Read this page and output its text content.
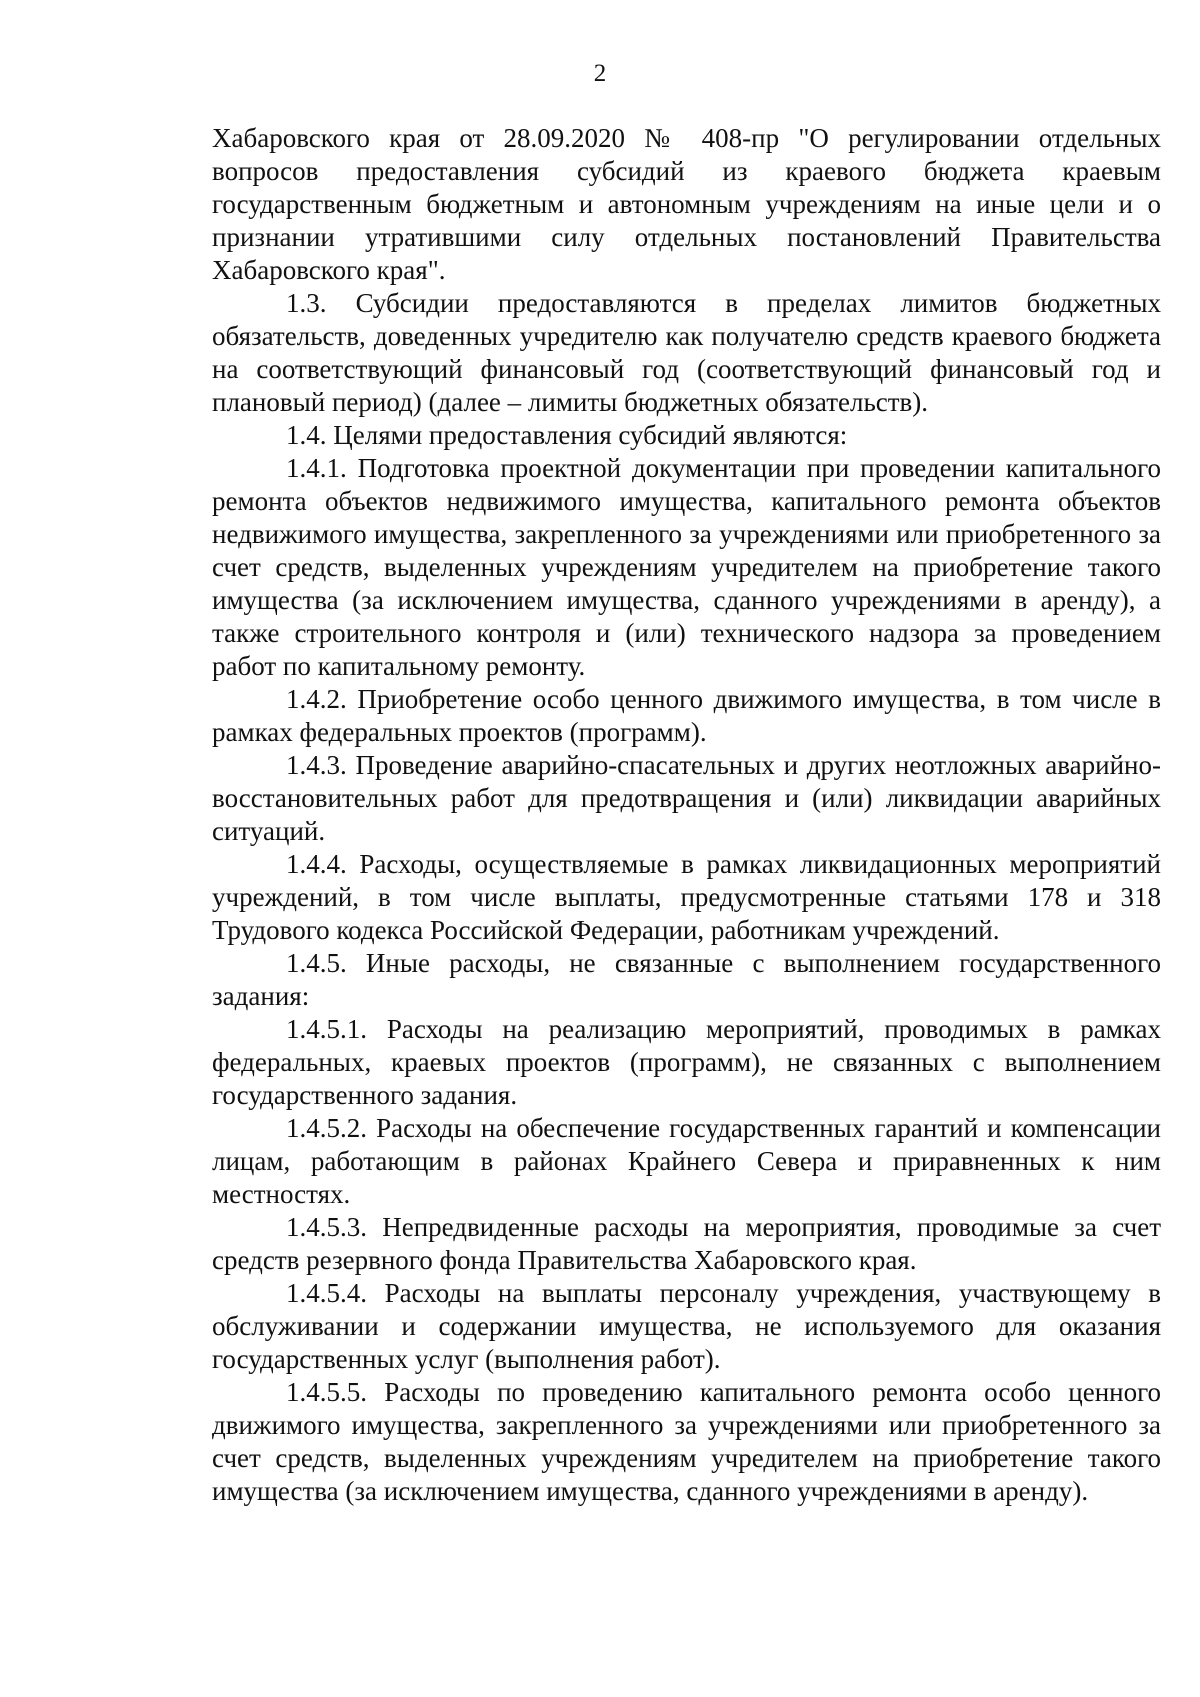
2

Хабаровского края от 28.09.2020 № 408-пр "О регулировании отдельных вопросов предоставления субсидий из краевого бюджета краевым государственным бюджетным и автономным учреждениям на иные цели и о признании утратившими силу отдельных постановлений Правительства Хабаровского края".

1.3. Субсидии предоставляются в пределах лимитов бюджетных обязательств, доведенных учредителю как получателю средств краевого бюджета на соответствующий финансовый год (соответствующий финансовый год и плановый период) (далее – лимиты бюджетных обязательств).

1.4. Целями предоставления субсидий являются:

1.4.1. Подготовка проектной документации при проведении капитального ремонта объектов недвижимого имущества, капитального ремонта объектов недвижимого имущества, закрепленного за учреждениями или приобретенного за счет средств, выделенных учреждениям учредителем на приобретение такого имущества (за исключением имущества, сданного учреждениями в аренду), а также строительного контроля и (или) технического надзора за проведением работ по капитальному ремонту.

1.4.2. Приобретение особо ценного движимого имущества, в том числе в рамках федеральных проектов (программ).

1.4.3. Проведение аварийно-спасательных и других неотложных аварийно-восстановительных работ для предотвращения и (или) ликвидации аварийных ситуаций.

1.4.4. Расходы, осуществляемые в рамках ликвидационных мероприятий учреждений, в том числе выплаты, предусмотренные статьями 178 и 318 Трудового кодекса Российской Федерации, работникам учреждений.

1.4.5. Иные расходы, не связанные с выполнением государственного задания:

1.4.5.1. Расходы на реализацию мероприятий, проводимых в рамках федеральных, краевых проектов (программ), не связанных с выполнением государственного задания.

1.4.5.2. Расходы на обеспечение государственных гарантий и компенсации лицам, работающим в районах Крайнего Севера и приравненных к ним местностях.

1.4.5.3. Непредвиденные расходы на мероприятия, проводимые за счет средств резервного фонда Правительства Хабаровского края.

1.4.5.4. Расходы на выплаты персоналу учреждения, участвующему в обслуживании и содержании имущества, не используемого для оказания государственных услуг (выполнения работ).

1.4.5.5. Расходы по проведению капитального ремонта особо ценного движимого имущества, закрепленного за учреждениями или приобретенного за счет средств, выделенных учреждениям учредителем на приобретение такого имущества (за исключением имущества, сданного учреждениями в аренду).
